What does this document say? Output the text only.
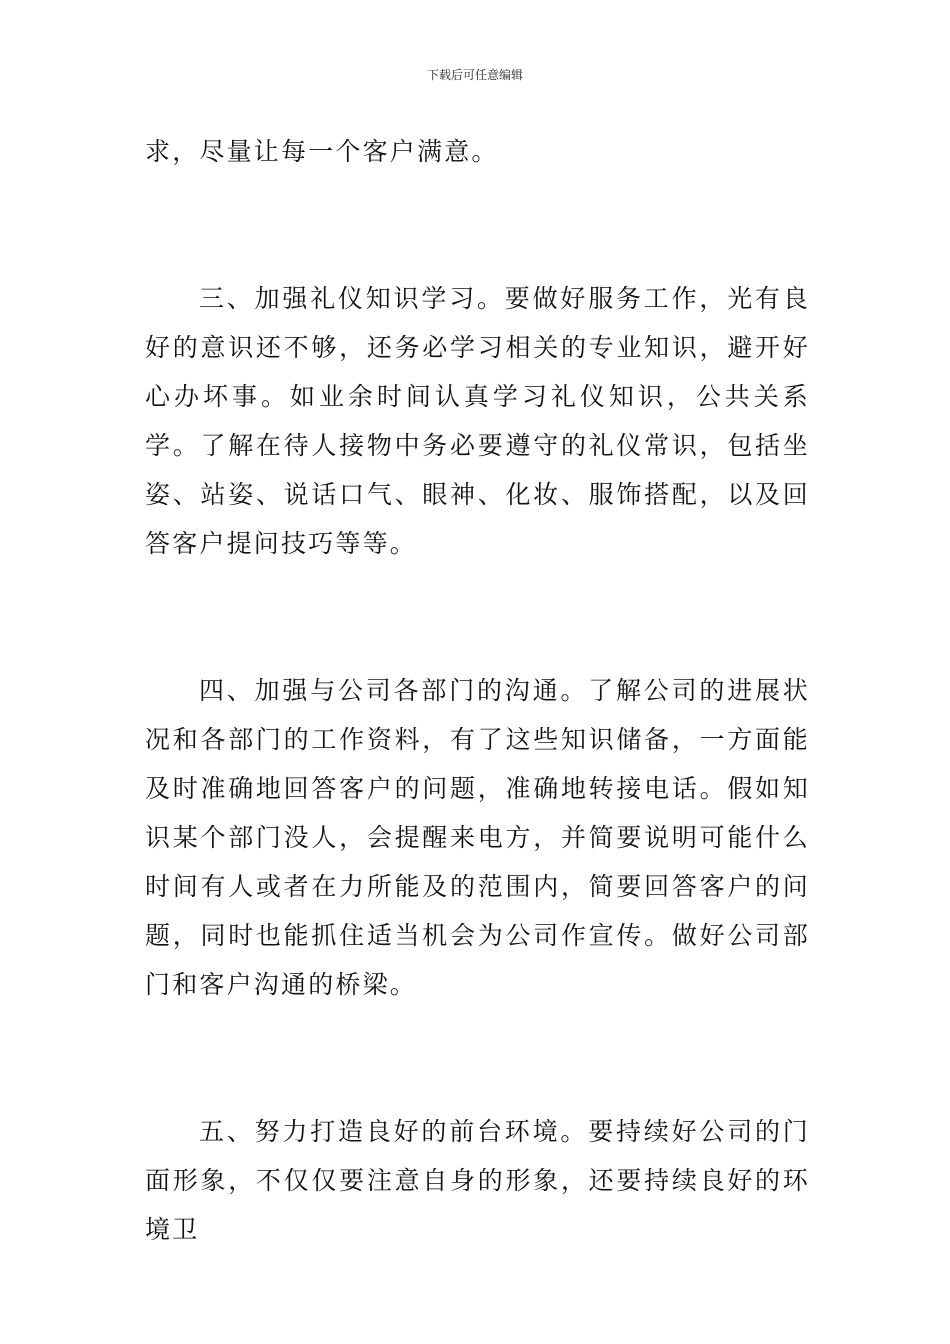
下载后可任意编辑

求，尽量让每一个客户满意。

三、加强礼仪知识学习。要做好服务工作，光有良好的意识还不够，还务必学习相关的专业知识，避开好心办坏事。如业余时间认真学习礼仪知识，公共关系学。了解在待人接物中务必要遵守的礼仪常识，包括坐姿、站姿、说话口气、眼神、化妆、服饰搭配，以及回答客户提问技巧等等。

四、加强与公司各部门的沟通。了解公司的进展状况和各部门的工作资料，有了这些知识储备，一方面能及时准确地回答客户的问题，准确地转接电话。假如知识某个部门没人，会提醒来电方，并简要说明可能什么时间有人或者在力所能及的范围内，简要回答客户的问题，同时也能抓住适当机会为公司作宣传。做好公司部门和客户沟通的桥梁。

五、努力打造良好的前台环境。要持续好公司的门面形象，不仅仅要注意自身的形象，还要持续良好的环境卫
